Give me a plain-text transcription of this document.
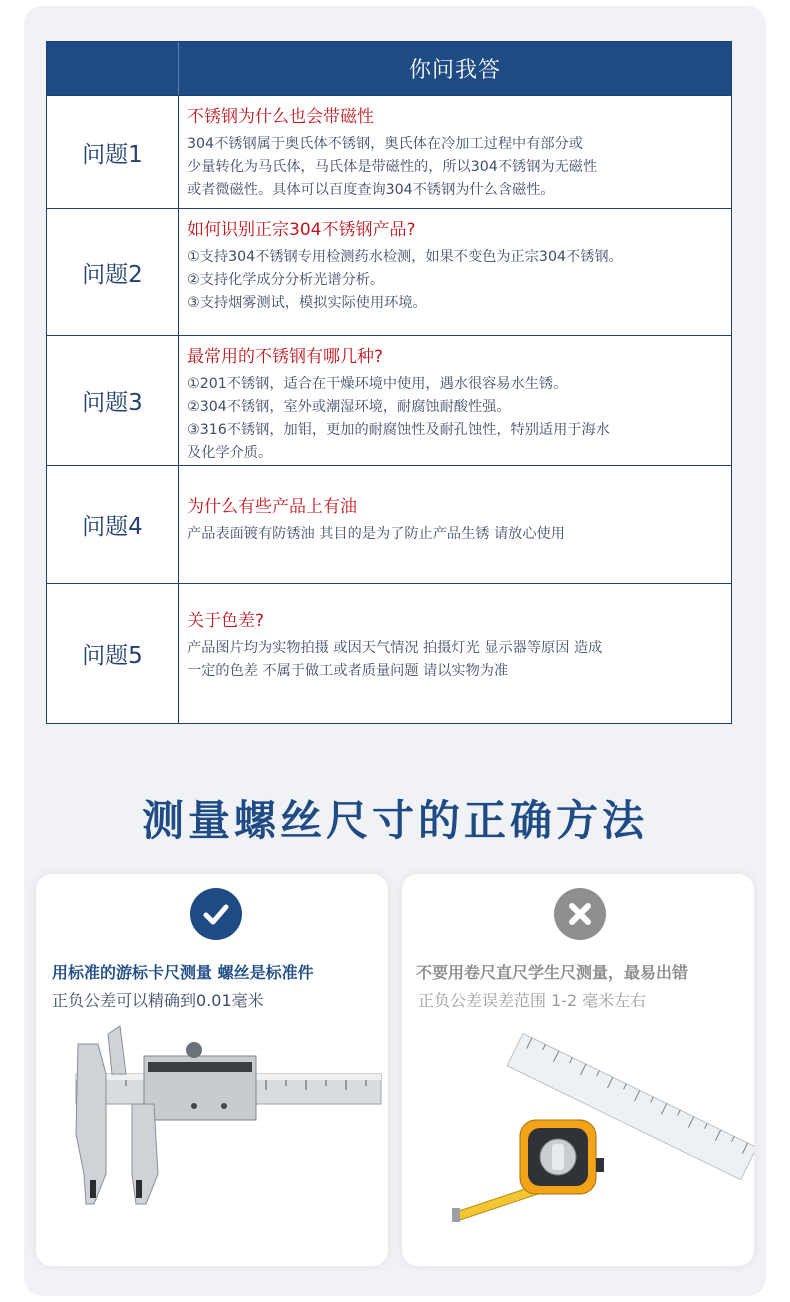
你问我答
问题1
不锈钢为什么也会带磁性
304不锈钢属于奥氏体不锈钢，奥氏体在冷加工过程中有部分或
少量转化为马氏体，马氏体是带磁性的，所以304不锈钢为无磁性
或者微磁性。具体可以百度查询304不锈钢为什么含磁性。
问题2
如何识别正宗304不锈钢产品?
①支持304不锈钢专用检测药水检测，如果不变色为正宗304不锈钢。
②支持化学成分分析光谱分析。
③支持烟雾测试，模拟实际使用环境。
问题3
最常用的不锈钢有哪几种?
①201不锈钢，适合在干燥环境中使用，遇水很容易水生锈。
②304不锈钢，室外或潮湿环境，耐腐蚀耐酸性强。
③316不锈钢，加钼，更加的耐腐蚀性及耐孔蚀性，特别适用于海水
及化学介质。
问题4
为什么有些产品上有油
产品表面镀有防锈油 其目的是为了防止产品生锈 请放心使用
问题5
关于色差?
产品图片均为实物拍摄 或因天气情况 拍摄灯光 显示器等原因 造成
一定的色差 不属于做工或者质量问题 请以实物为准
测量螺丝尺寸的正确方法
用标准的游标卡尺测量 螺丝是标准件
正负公差可以精确到0.01毫米
不要用卷尺直尺学生尺测量，最易出错
正负公差误差范围 1-2 毫米左右
